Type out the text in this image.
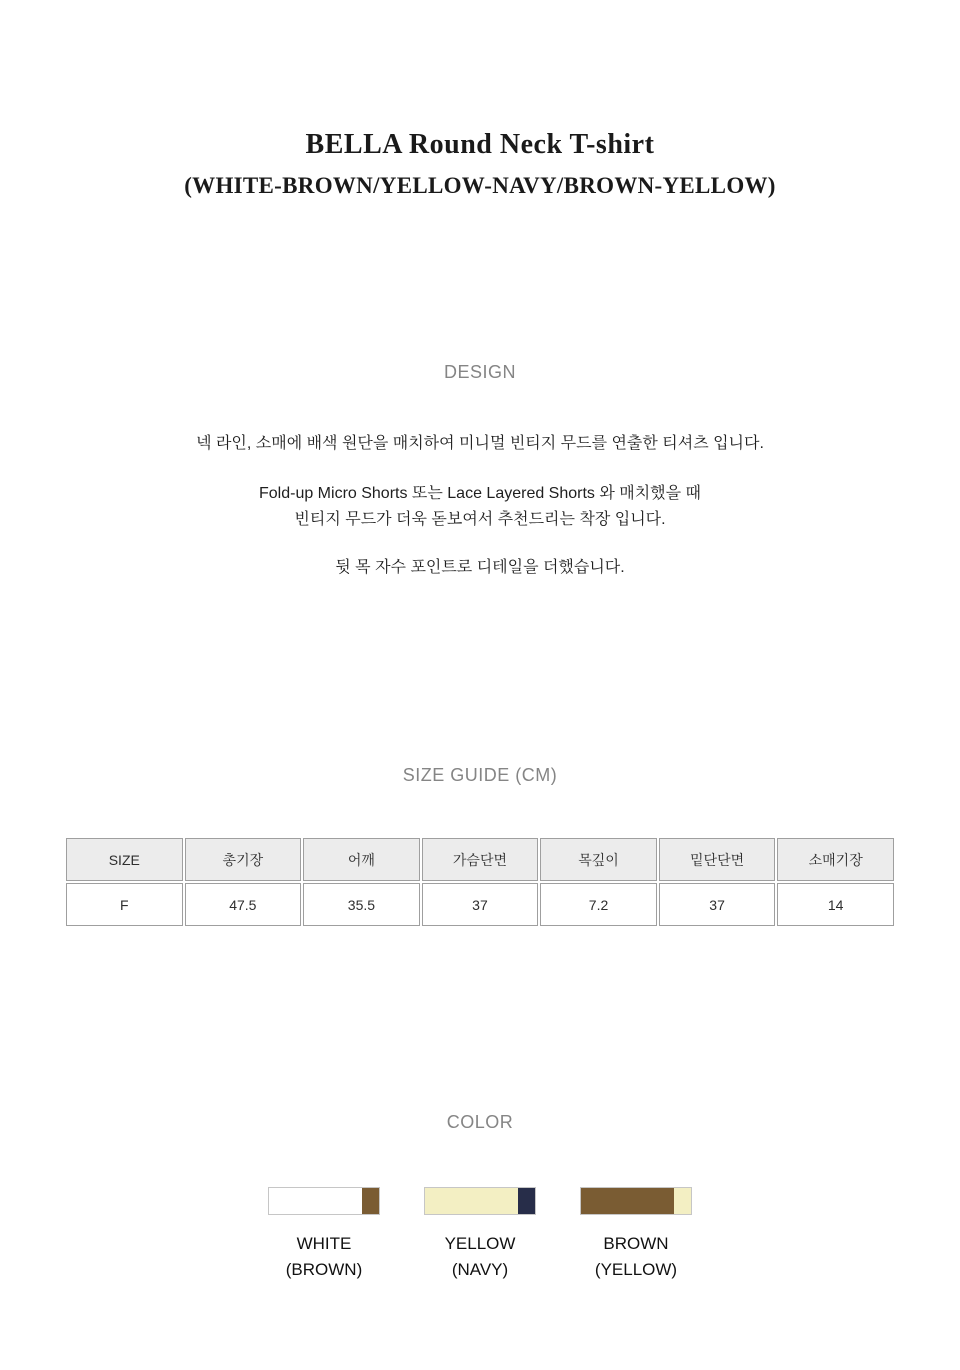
BELLA Round Neck T-shirt
(WHITE-BROWN/YELLOW-NAVY/BROWN-YELLOW)
DESIGN

넥 라인, 소매에 배색 원단을 매치하여 미니멀 빈티지 무드를 연출한 티셔츠 입니다.

Fold-up Micro Shorts 또는 Lace Layered Shorts 와 매치했을 때
빈티지 무드가 더욱 돋보여서 추천드리는 착장 입니다.

뒷 목 자수 포인트로 디테일을 더했습니다.

SIZE GUIDE (CM)
SIZE	총기장	어깨	가슴단면	목깊이	밑단단면	소매기장
F	47.5	35.5	37	7.2	37	14
COLOR
WHITE
(BROWN)
YELLOW
(NAVY)
BROWN
(YELLOW)
